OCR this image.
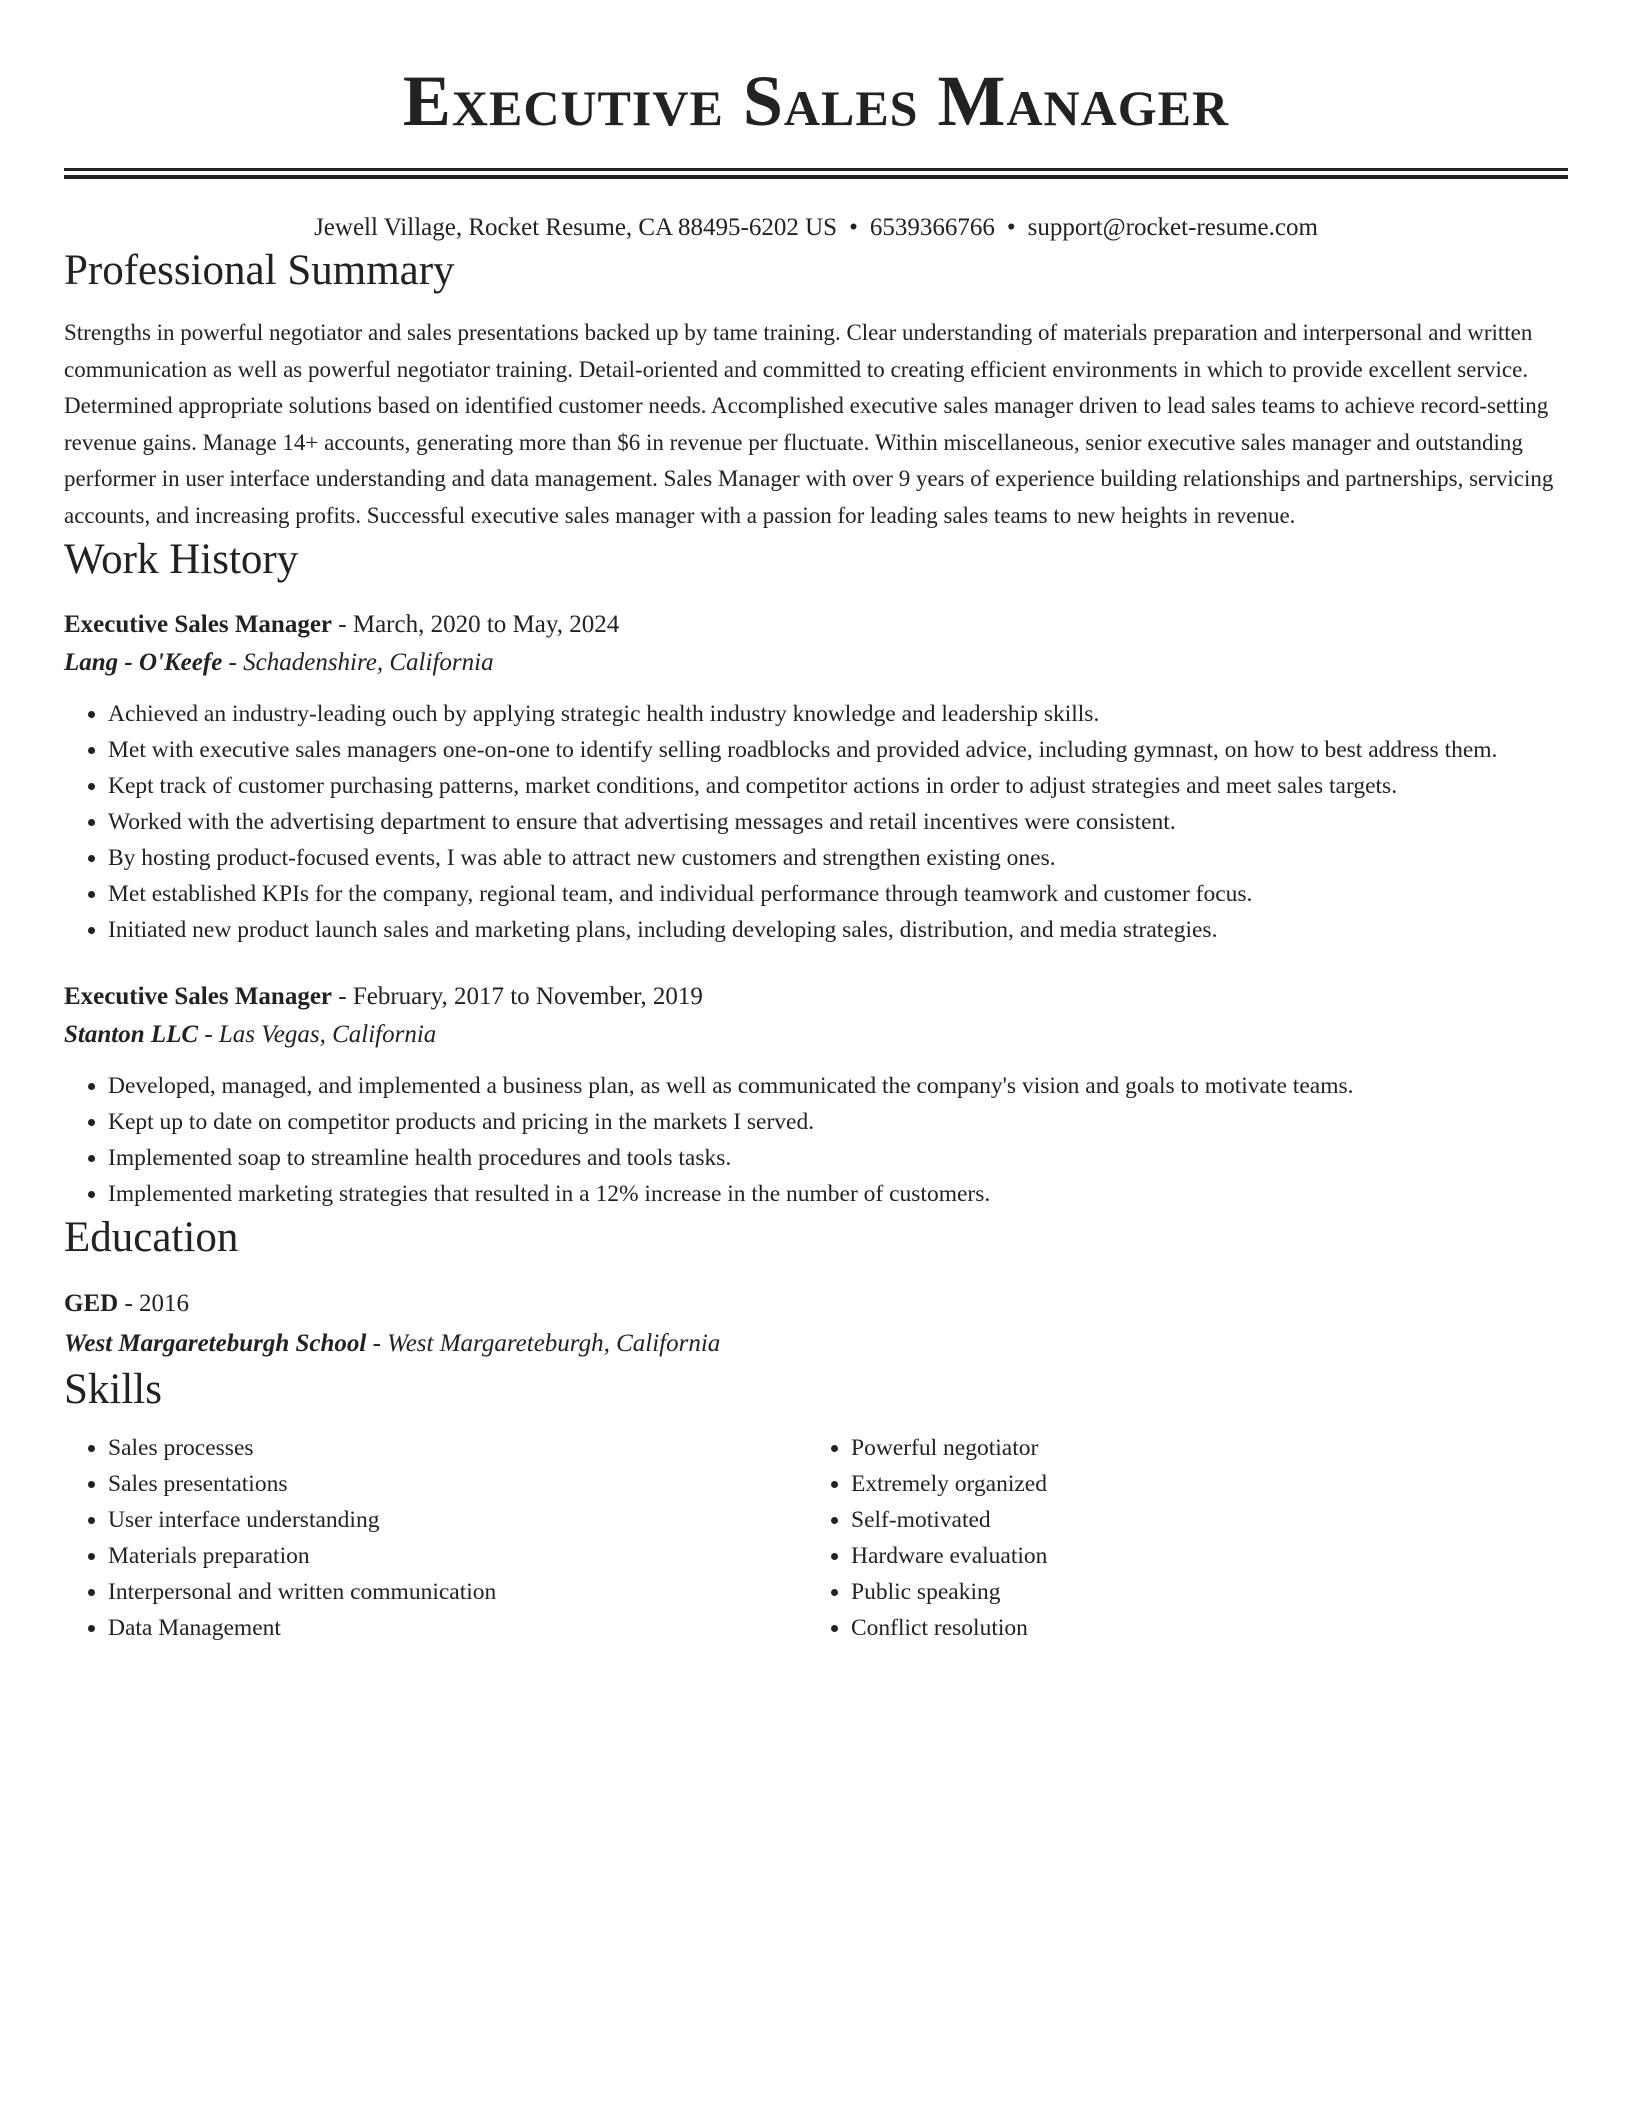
Executive Sales Manager
Jewell Village, Rocket Resume, CA 88495-6202 US • 6539366766 • support@rocket-resume.com
Professional Summary

Strengths in powerful negotiator and sales presentations backed up by tame training. Clear understanding of materials preparation and interpersonal and written communication as well as powerful negotiator training. Detail-oriented and committed to creating efficient environments in which to provide excellent service. Determined appropriate solutions based on identified customer needs. Accomplished executive sales manager driven to lead sales teams to achieve record-setting revenue gains. Manage 14+ accounts, generating more than $6 in revenue per fluctuate. Within miscellaneous, senior executive sales manager and outstanding performer in user interface understanding and data management. Sales Manager with over 9 years of experience building relationships and partnerships, servicing accounts, and increasing profits. Successful executive sales manager with a passion for leading sales teams to new heights in revenue.

Work History
Executive Sales Manager - March, 2020 to May, 2024
Lang - O'Keefe - Schadenshire, California
• Achieved an industry-leading ouch by applying strategic health industry knowledge and leadership skills.
• Met with executive sales managers one-on-one to identify selling roadblocks and provided advice, including gymnast, on how to best address them.
• Kept track of customer purchasing patterns, market conditions, and competitor actions in order to adjust strategies and meet sales targets.
• Worked with the advertising department to ensure that advertising messages and retail incentives were consistent.
• By hosting product-focused events, I was able to attract new customers and strengthen existing ones.
• Met established KPIs for the company, regional team, and individual performance through teamwork and customer focus.
• Initiated new product launch sales and marketing plans, including developing sales, distribution, and media strategies.
Executive Sales Manager - February, 2017 to November, 2019
Stanton LLC - Las Vegas, California
• Developed, managed, and implemented a business plan, as well as communicated the company's vision and goals to motivate teams.
• Kept up to date on competitor products and pricing in the markets I served.
• Implemented soap to streamline health procedures and tools tasks.
• Implemented marketing strategies that resulted in a 12% increase in the number of customers.
Education
GED - 2016
West Margareteburgh School - West Margareteburgh, California
Skills
• Sales processes
• Sales presentations
• User interface understanding
• Materials preparation
• Interpersonal and written communication
• Data Management
• Powerful negotiator
• Extremely organized
• Self-motivated
• Hardware evaluation
• Public speaking
• Conflict resolution
